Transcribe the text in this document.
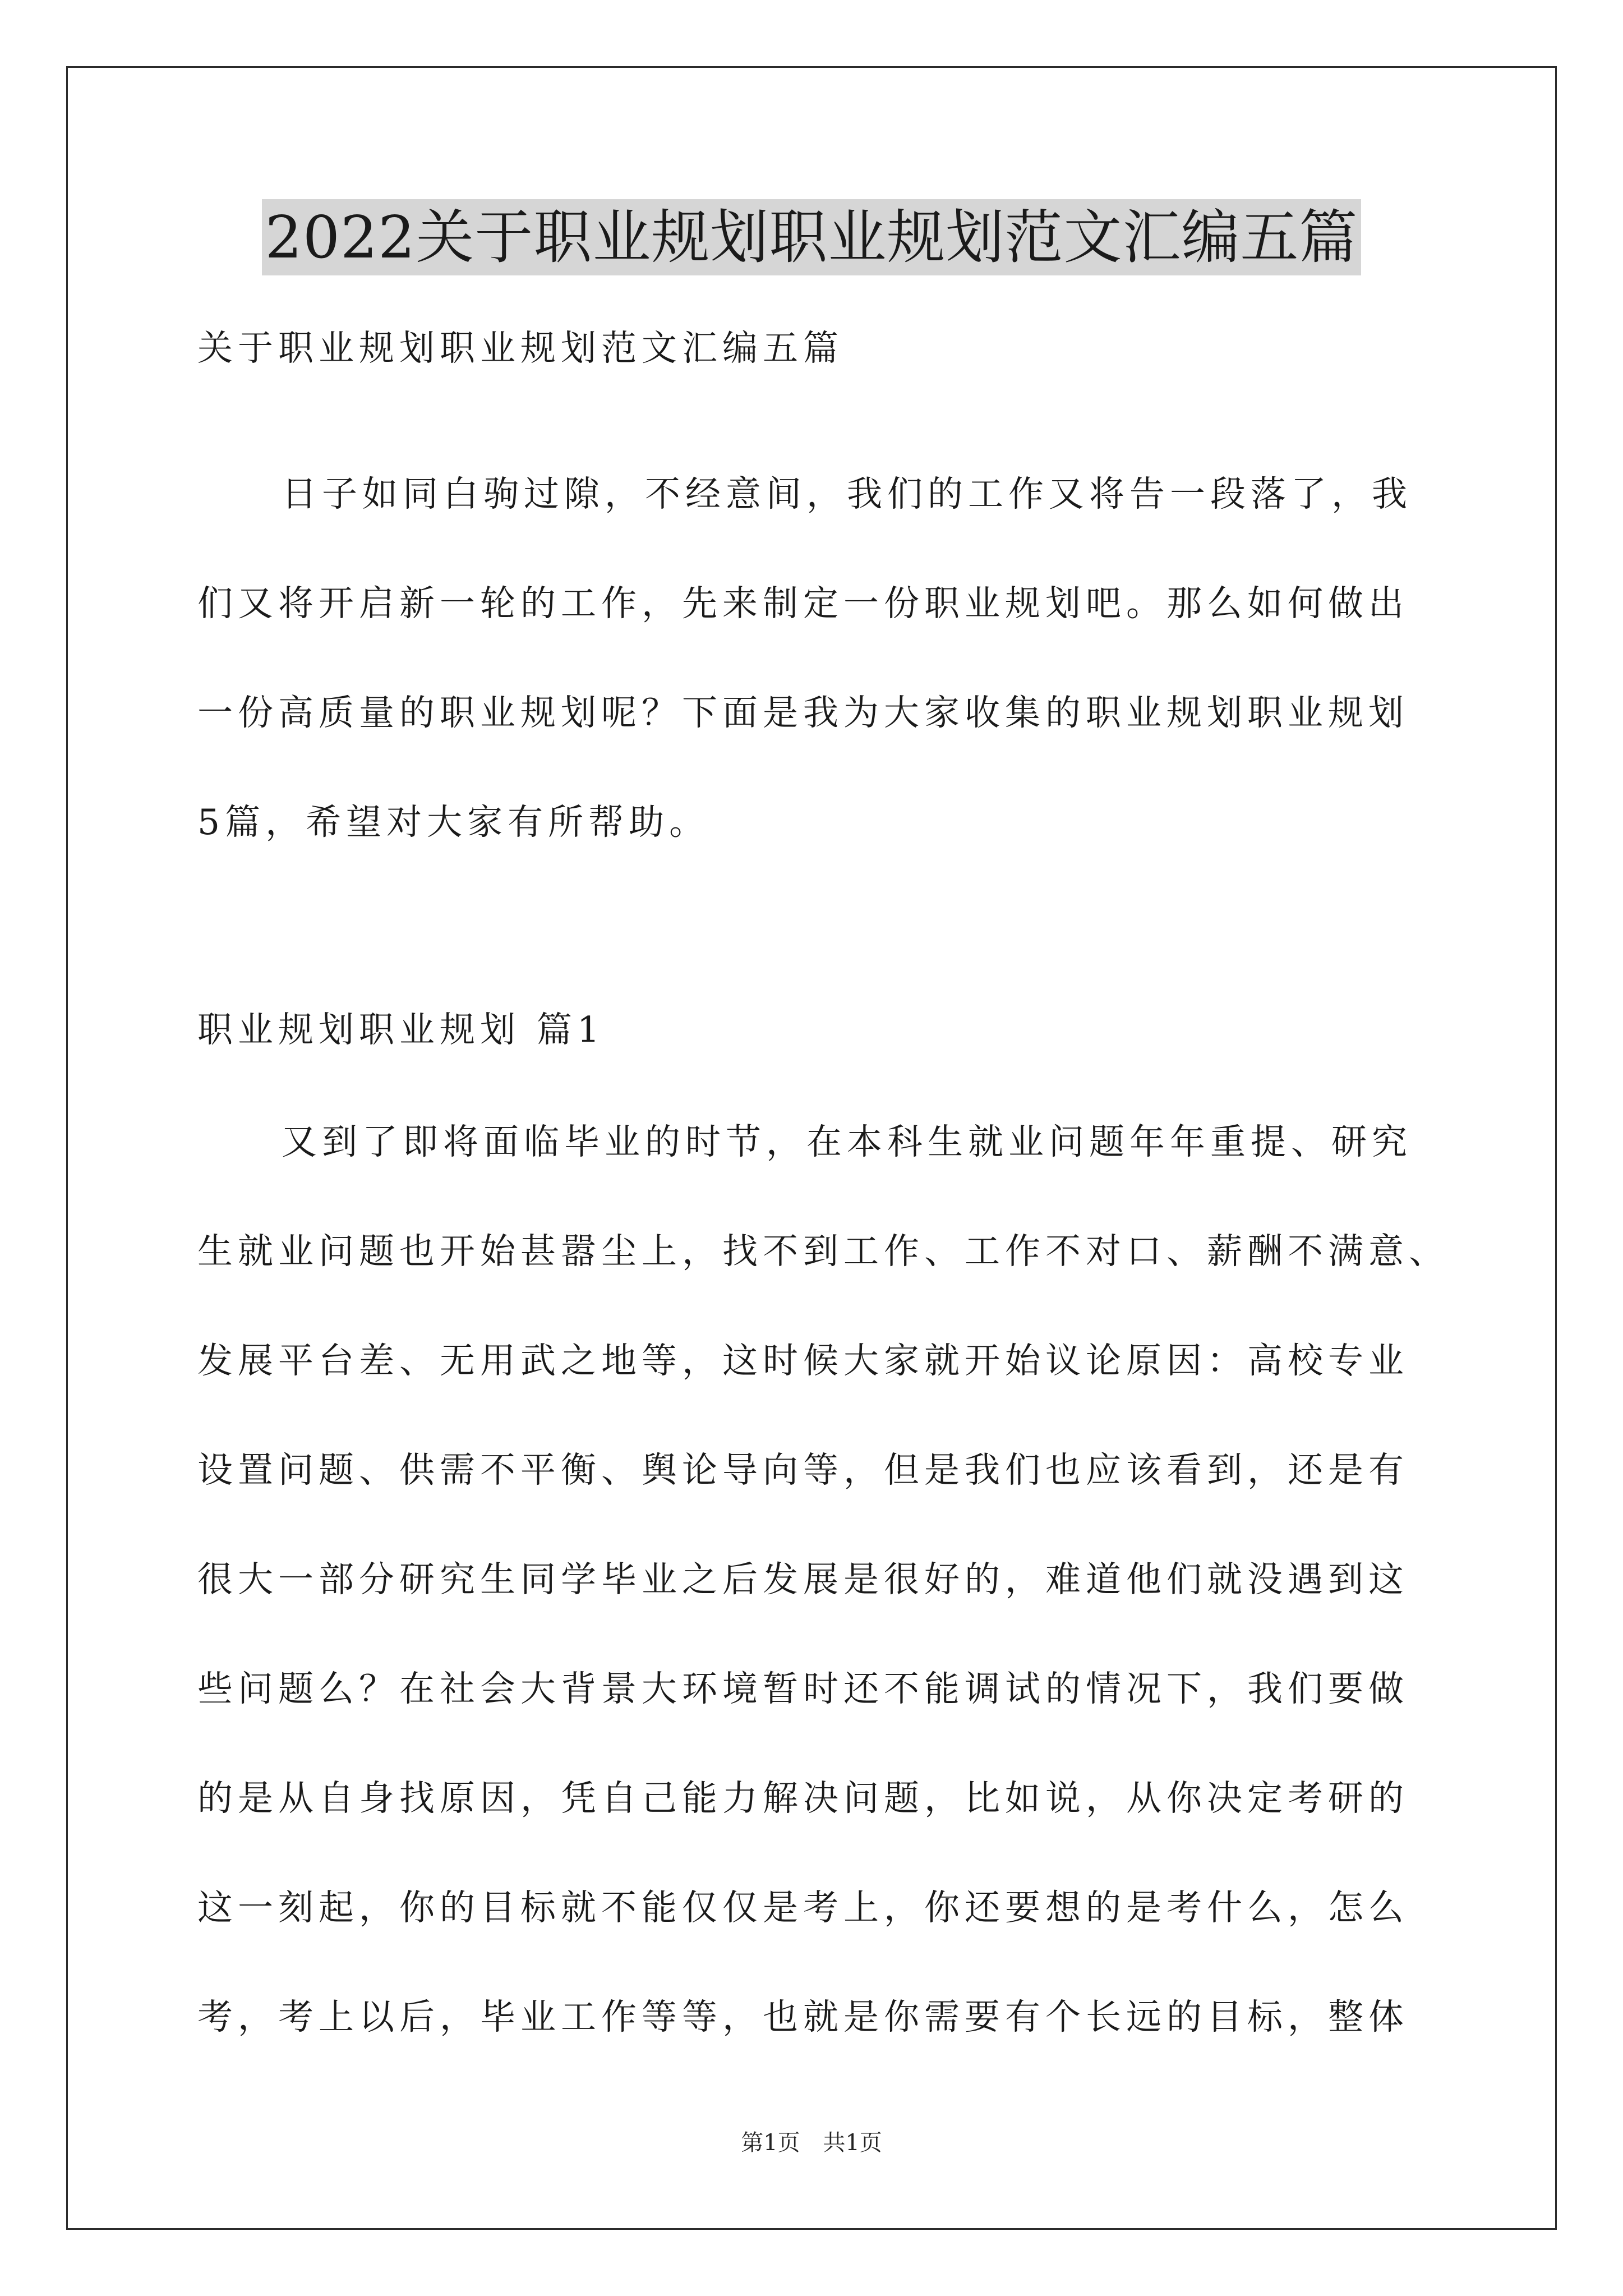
2022关于职业规划职业规划范文汇编五篇
关于职业规划职业规划范文汇编五篇
日子如同白驹过隙，不经意间，我们的工作又将告一段落了，我
们又将开启新一轮的工作，先来制定一份职业规划吧。那么如何做出
一份高质量的职业规划呢？下面是我为大家收集的职业规划职业规划
5篇，希望对大家有所帮助。
职业规划职业规划 篇1
又到了即将面临毕业的时节，在本科生就业问题年年重提、研究
生就业问题也开始甚嚣尘上，找不到工作、工作不对口、薪酬不满意、
发展平台差、无用武之地等，这时候大家就开始议论原因：高校专业
设置问题、供需不平衡、舆论导向等，但是我们也应该看到，还是有
很大一部分研究生同学毕业之后发展是很好的，难道他们就没遇到这
些问题么？在社会大背景大环境暂时还不能调试的情况下，我们要做
的是从自身找原因，凭自己能力解决问题，比如说，从你决定考研的
这一刻起，你的目标就不能仅仅是考上，你还要想的是考什么，怎么
考，考上以后，毕业工作等等，也就是你需要有个长远的目标，整体
第1页 共1页
